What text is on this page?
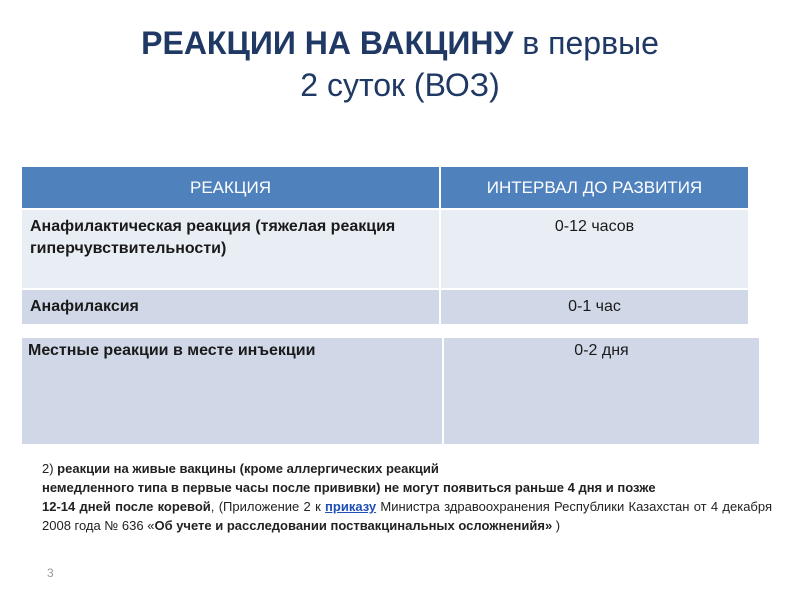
РЕАКЦИИ НА ВАКЦИНУ в первые
2 суток (ВОЗ)
РЕАКЦИЯ	ИНТЕРВАЛ ДО РАЗВИТИЯ
Анафилактическая реакция (тяжелая реакция гиперчувствительности)	0-12 часов
Анафилаксия	0-1 час
Местные реакции в месте инъекции	0-2 дня

2) реакции на живые вакцины (кроме аллергических реакций

немедленного типа в первые часы после прививки) не могут появиться раньше 4 дня и позже

12-14 дней после коревой, (Приложение 2 к приказу Министра здравоохранения Республики Казахстан от 4 декабря 2008 года № 636 «Об учете и расследовании поствакцинальных осложненийя» )

3
